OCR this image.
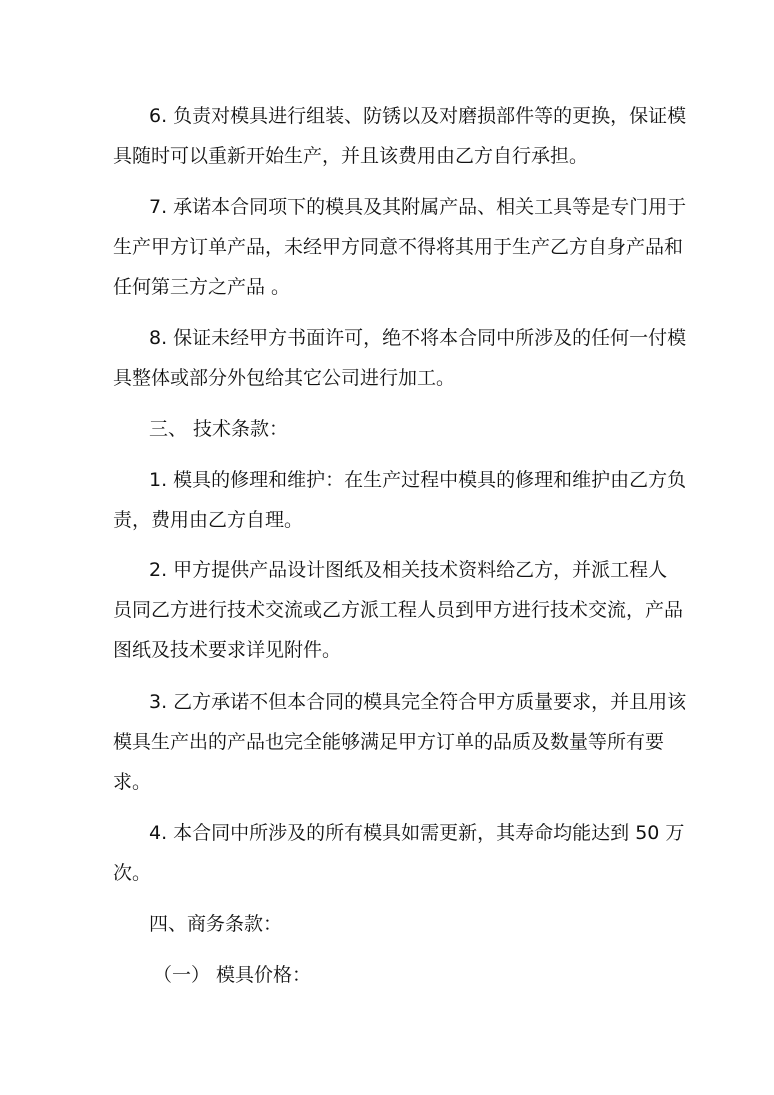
6. 负责对模具进行组装、防锈以及对磨损部件等的更换，保证模
具随时可以重新开始生产，并且该费用由乙方自行承担。
7. 承诺本合同项下的模具及其附属产品、相关工具等是专门用于
生产甲方订单产品，未经甲方同意不得将其用于生产乙方自身产品和
任何第三方之产品 。
8. 保证未经甲方书面许可，绝不将本合同中所涉及的任何一付模
具整体或部分外包给其它公司进行加工。
三、 技术条款：
1. 模具的修理和维护：在生产过程中模具的修理和维护由乙方负
责，费用由乙方自理。
2. 甲方提供产品设计图纸及相关技术资料给乙方，并派工程人
员同乙方进行技术交流或乙方派工程人员到甲方进行技术交流，产品
图纸及技术要求详见附件。
3. 乙方承诺不但本合同的模具完全符合甲方质量要求，并且用该
模具生产出的产品也完全能够满足甲方订单的品质及数量等所有要
求。
4. 本合同中所涉及的所有模具如需更新，其寿命均能达到 50 万
次。
四、商务条款：
（一） 模具价格：
